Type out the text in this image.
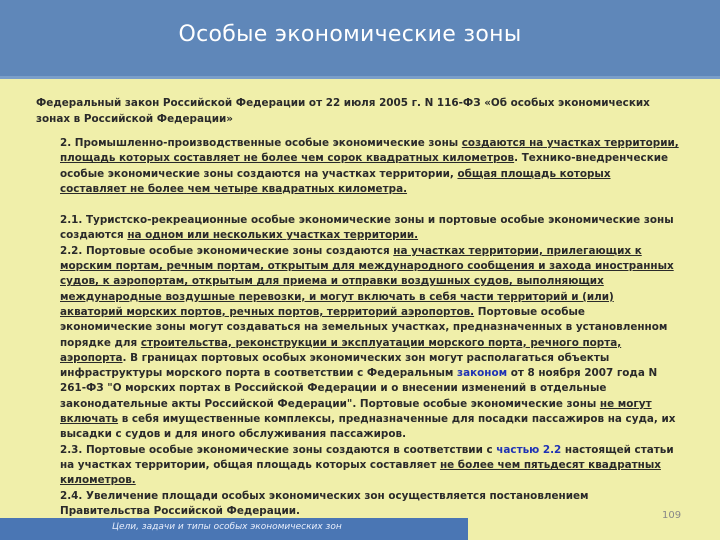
Особые экономические зоны
Федеральный закон Российской Федерации от 22 июля 2005 г. N 116-ФЗ «Об особых экономических зонах в Российской Федерации»

2. Промышленно-производственные особые экономические зоны создаются на участках территории, площадь которых составляет не более чем сорок квадратных километров. Технико-внедренческие особые экономические зоны создаются на участках территории, общая площадь которых составляет не более чем четыре квадратных километра.

2.1. Туристско-рекреационные особые экономические зоны и портовые особые экономические зоны создаются на одном или нескольких участках территории.

2.2. Портовые особые экономические зоны создаются на участках территории, прилегающих к морским портам, речным портам, открытым для международного сообщения и захода иностранных судов, к аэропортам, открытым для приема и отправки воздушных судов, выполняющих международные воздушные перевозки, и могут включать в себя части территорий и (или) акваторий морских портов, речных портов, территорий аэропортов. Портовые особые экономические зоны могут создаваться на земельных участках, предназначенных в установленном порядке для строительства, реконструкции и эксплуатации морского порта, речного порта, аэропорта. В границах портовых особых экономических зон могут располагаться объекты инфраструктуры морского порта в соответствии с Федеральным законом от 8 ноября 2007 года N 261-ФЗ "О морских портах в Российской Федерации и о внесении изменений в отдельные законодательные акты Российской Федерации". Портовые особые экономические зоны не могут включать в себя имущественные комплексы, предназначенные для посадки пассажиров на суда, их высадки с судов и для иного обслуживания пассажиров.

2.3. Портовые особые экономические зоны создаются в соответствии с частью 2.2 настоящей статьи на участках территории, общая площадь которых составляет не более чем пятьдесят квадратных километров.

2.4. Увеличение площади особых экономических зон осуществляется постановлением Правительства Российской Федерации.	109
Цели, задачи и типы особых экономических зон
